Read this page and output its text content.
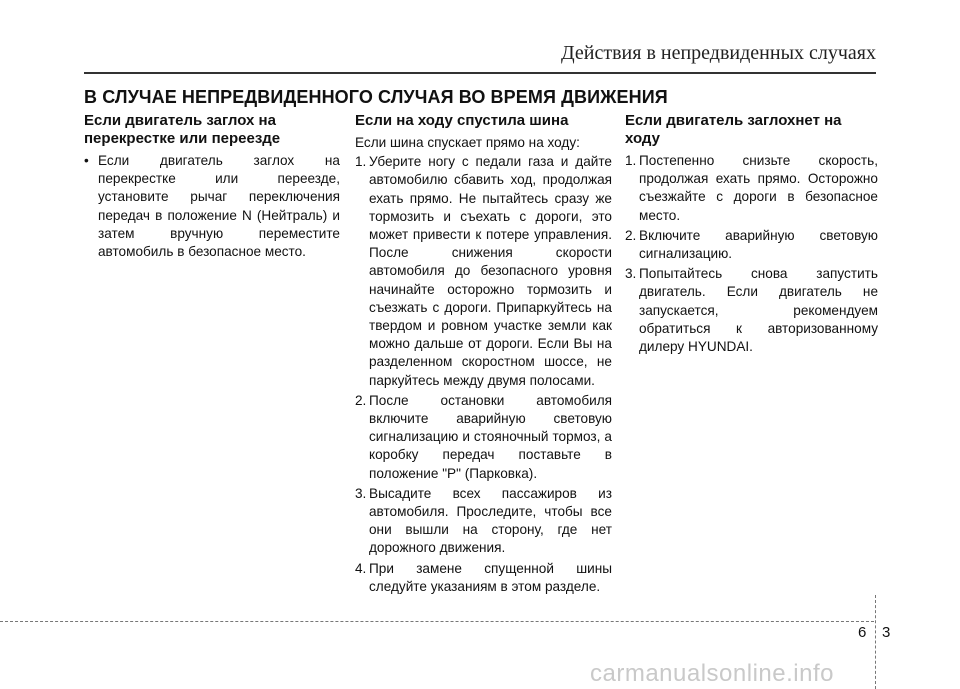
Действия в непредвиденных случаях
В СЛУЧАЕ НЕПРЕДВИДЕННОГО СЛУЧАЯ ВО ВРЕМЯ ДВИЖЕНИЯ
Если двигатель заглох на перекрестке или переезде
• Если двигатель заглох на перекрестке или переезде, установите рычаг переключения передач в положение N (Нейтраль) и затем вручную переместите автомобиль в безопасное место.
Если на ходу спустила шина
Если шина спускает прямо на ходу:
1. Уберите ногу с педали газа и дайте автомобилю сбавить ход, продолжая ехать прямо. Не пытайтесь сразу же тормозить и съехать с дороги, это может привести к потере управления. После снижения скорости автомобиля до безопасного уровня начинайте осторожно тормозить и съезжать с дороги. Припаркуйтесь на твердом и ровном участке земли как можно дальше от дороги. Если Вы на разделенном скоростном шоссе, не паркуйтесь между двумя полосами.
2. После остановки автомобиля включите аварийную световую сигнализацию и стояночный тормоз, а коробку передач поставьте в положение "P" (Парковка).
3. Высадите всех пассажиров из автомобиля. Проследите, чтобы все они вышли на сторону, где нет дорожного движения.
4. При замене спущенной шины следуйте указаниям в этом разделе.
Если двигатель заглохнет на ходу
1. Постепенно снизьте скорость, продолжая ехать прямо. Осторожно съезжайте с дороги в безопасное место.
2. Включите аварийную световую сигнализацию.
3. Попытайтесь снова запустить двигатель. Если двигатель не запускается, рекомендуем обратиться к авторизованному дилеру HYUNDAI.
6 3
carmanualsonline.info
